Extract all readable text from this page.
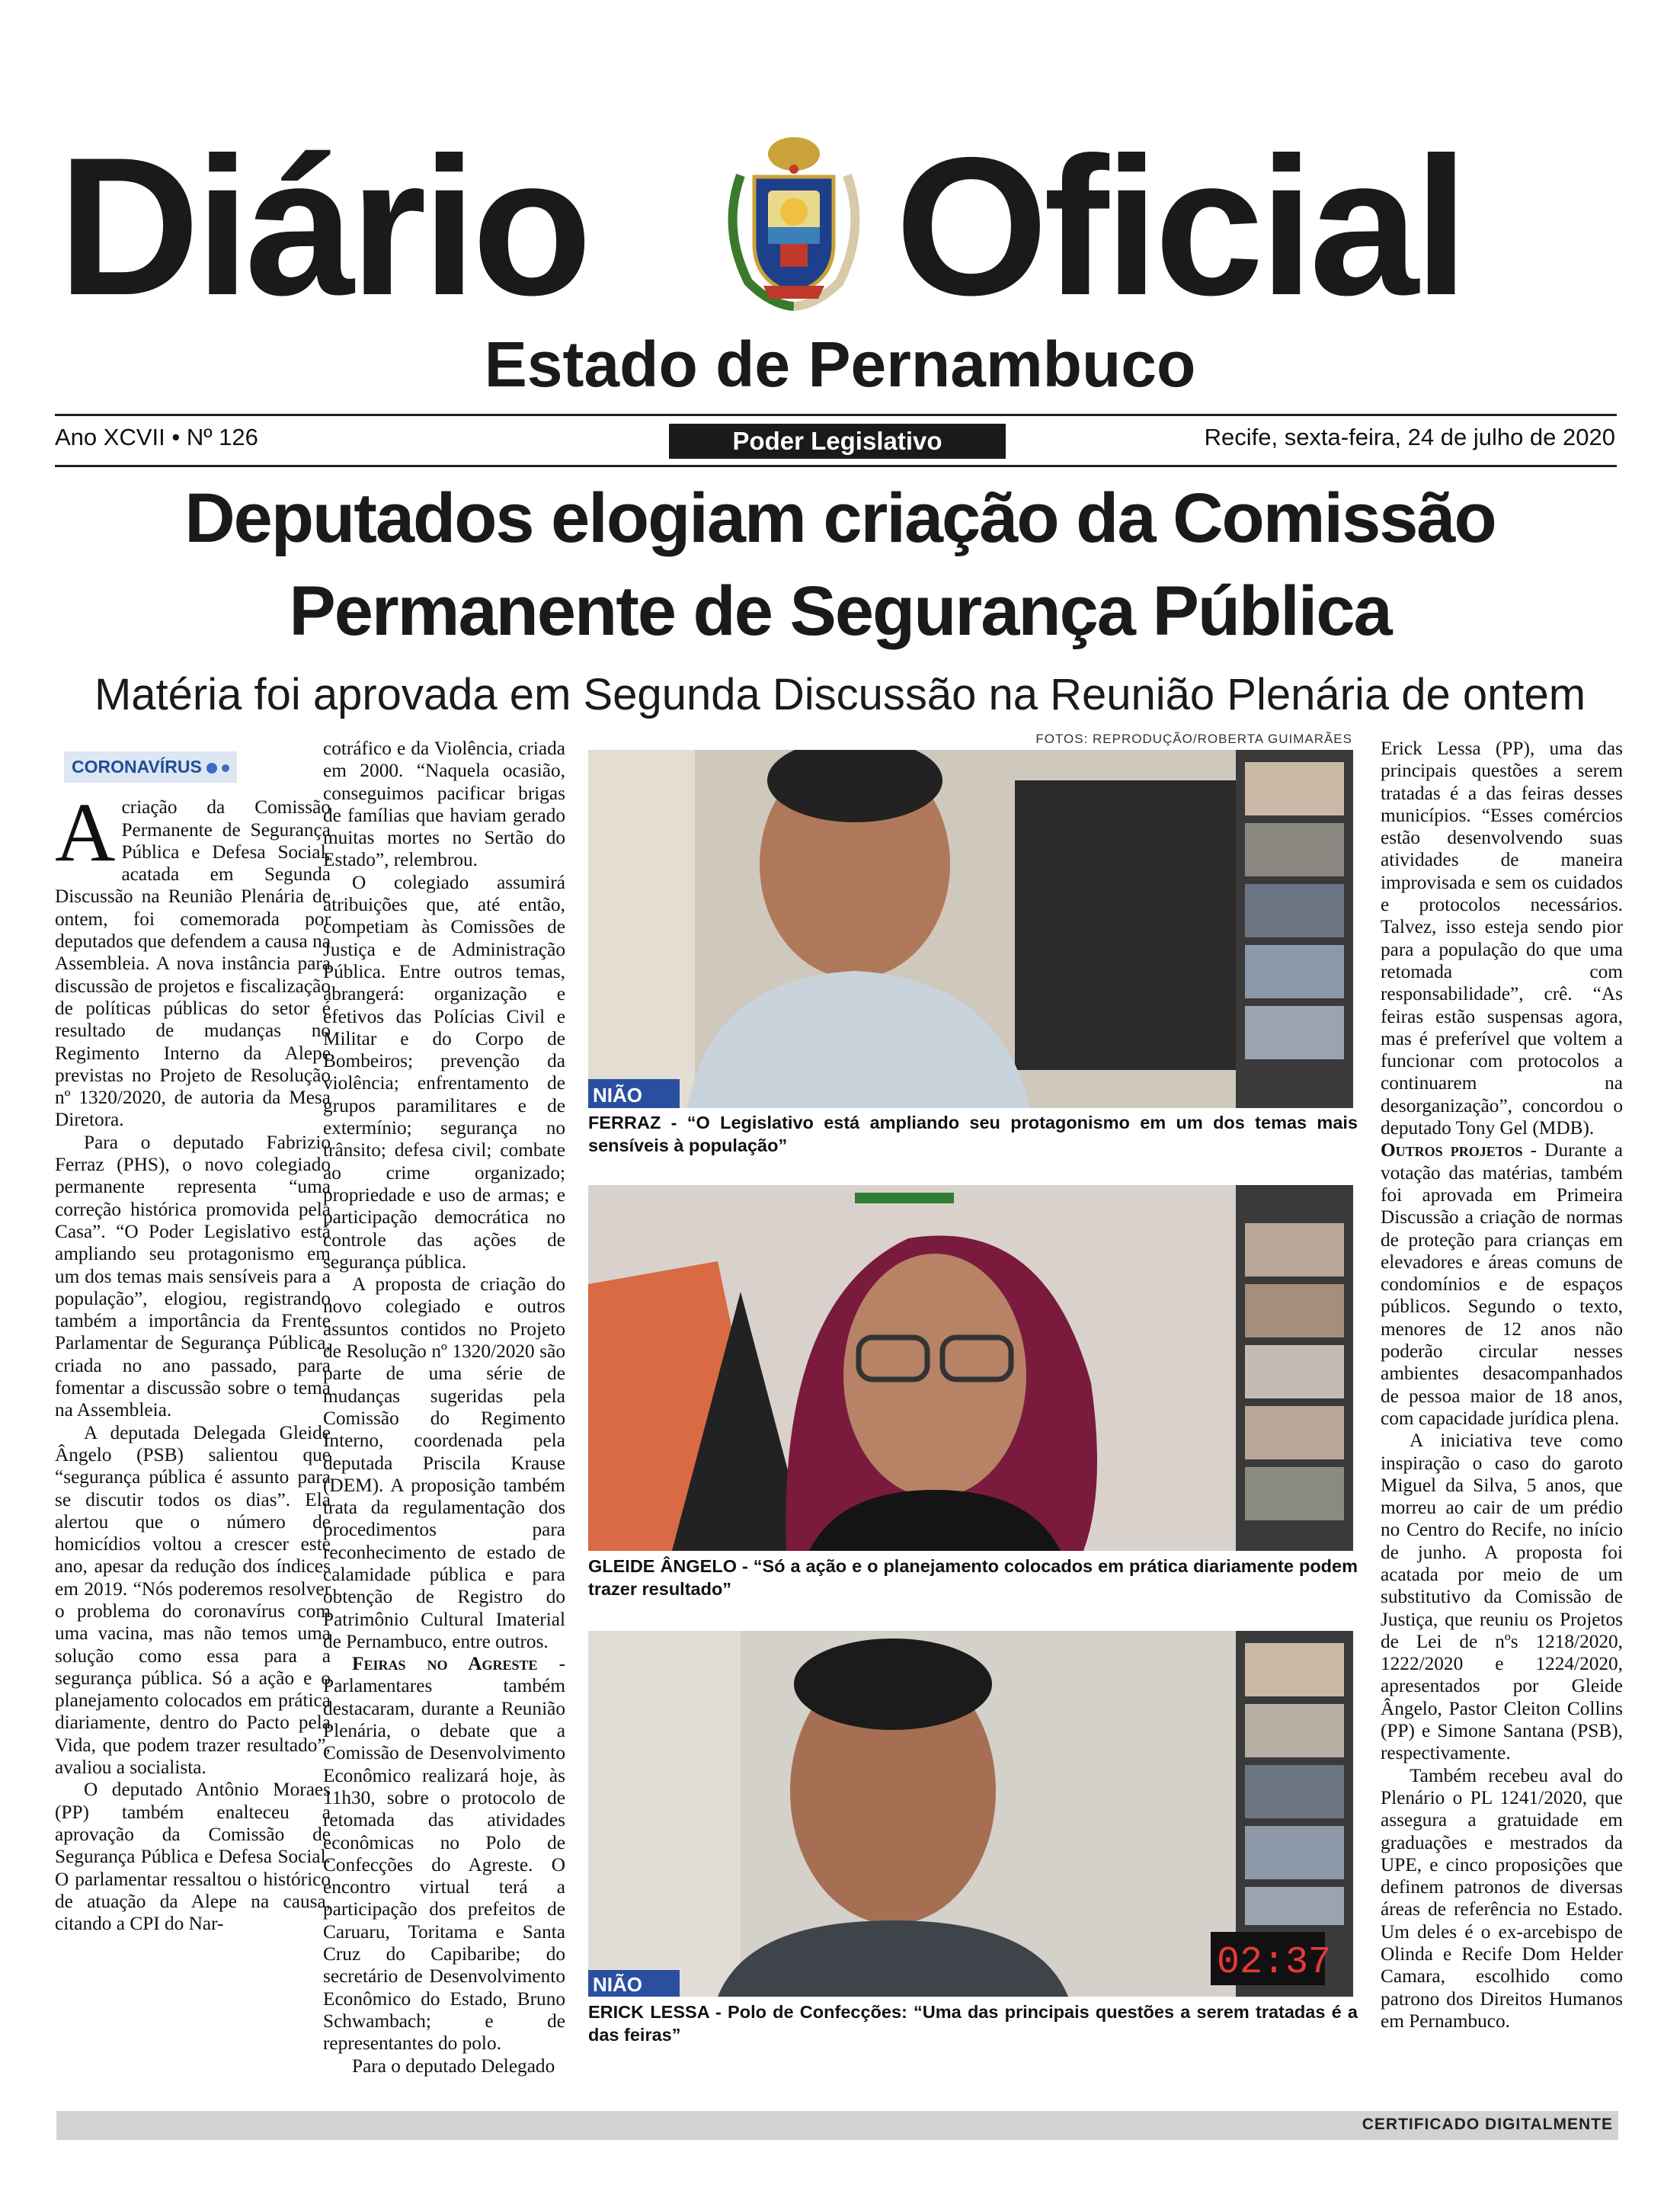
Diário Oficial
Estado de Pernambuco
Ano XCVII • Nº 126	Poder Legislativo	Recife, sexta-feira, 24 de julho de 2020
Deputados elogiam criação da Comissão
Permanente de Segurança Pública
Matéria foi aprovada em Segunda Discussão na Reunião Plenária de ontem
FOTOS: REPRODUÇÃO/ROBERTA GUIMARÃES
CORONAVÍRUS

Acriação da Comissão Permanente de Segurança Pública e Defesa Social, acatada em Segunda Discussão na Reunião Plenária de ontem, foi comemorada por deputados que defendem a causa na Assembleia. A nova instância para discussão de projetos e fiscalização de políticas públicas do setor é resultado de mudanças no Regimento Interno da Alepe previstas no Projeto de Resolução nº 1320/2020, de autoria da Mesa Diretora.

Para o deputado Fabrizio Ferraz (PHS), o novo colegiado permanente representa “uma correção histórica promovida pela Casa”. “O Poder Legislativo está ampliando seu protagonismo em um dos temas mais sensíveis para a população”, elogiou, registrando também a importância da Frente Parlamentar de Segurança Pública, criada no ano passado, para fomentar a discussão sobre o tema na Assembleia.

A deputada Delegada Gleide Ângelo (PSB) salientou que “segurança pública é assunto para se discutir todos os dias”. Ela alertou que o número de homicídios voltou a crescer este ano, apesar da redução dos índices em 2019. “Nós poderemos resolver o problema do coronavírus com uma vacina, mas não temos uma solução como essa para a segurança pública. Só a ação e o planejamento colocados em prática diariamente, dentro do Pacto pela Vida, que podem trazer resultado”, avaliou a socialista.

O deputado Antônio Moraes (PP) também enalteceu a aprovação da Comissão de Segurança Pública e Defesa Social. O parlamentar ressaltou o histórico de atuação da Alepe na causa, citando a CPI do Nar-

cotráfico e da Violência, criada em 2000. “Naquela ocasião, conseguimos pacificar brigas de famílias que haviam gerado muitas mortes no Sertão do Estado”, relembrou.

O colegiado assumirá atribuições que, até então, competiam às Comissões de Justiça e de Administração Pública. Entre outros temas, abrangerá: organização e efetivos das Polícias Civil e Militar e do Corpo de Bombeiros; prevenção da violência; enfrentamento de grupos paramilitares e de extermínio; segurança no trânsito; defesa civil; combate ao crime organizado; propriedade e uso de armas; e participação democrática no controle das ações de segurança pública.

A proposta de criação do novo colegiado e outros assuntos contidos no Projeto de Resolução nº 1320/2020 são parte de uma série de mudanças sugeridas pela Comissão do Regimento Interno, coordenada pela deputada Priscila Krause (DEM). A proposição também trata da regulamentação dos procedimentos para reconhecimento de estado de calamidade pública e para obtenção de Registro do Patrimônio Cultural Imaterial de Pernambuco, entre outros.

Feiras no Agreste - Parlamentares também destacaram, durante a Reunião Plenária, o debate que a Comissão de Desenvolvimento Econômico realizará hoje, às 11h30, sobre o protocolo de retomada das atividades econômicas no Polo de Confecções do Agreste. O encontro virtual terá a participação dos prefeitos de Caruaru, Toritama e Santa Cruz do Capibaribe; do secretário de Desenvolvimento Econômico do Estado, Bruno Schwambach; e de representantes do polo.

Para o deputado Delegado

NIÃO
FERRAZ - “O Legislativo está ampliando seu protagonismo em um dos temas mais sensíveis à população”
GLEIDE ÂNGELO - “Só a ação e o planejamento colocados em prática diariamente podem trazer resultado”
NIÃO	02:37
ERICK LESSA - Polo de Confecções: “Uma das principais questões a serem tratadas é a das feiras”

Erick Lessa (PP), uma das principais questões a serem tratadas é a das feiras desses municípios. “Esses comércios estão desenvolvendo suas atividades de maneira improvisada e sem os cuidados e protocolos necessários. Talvez, isso esteja sendo pior para a população do que uma retomada com responsabilidade”, crê. “As feiras estão suspensas agora, mas é preferível que voltem a funcionar com protocolos a continuarem na desorganização”, concordou o deputado Tony Gel (MDB).

Outros projetos - Durante a votação das matérias, também foi aprovada em Primeira Discussão a criação de normas de proteção para crianças em elevadores e áreas comuns de condomínios e de espaços públicos. Segundo o texto, menores de 12 anos não poderão circular nesses ambientes desacompanhados de pessoa maior de 18 anos, com capacidade jurídica plena.

A iniciativa teve como inspiração o caso do garoto Miguel da Silva, 5 anos, que morreu ao cair de um prédio no Centro do Recife, no início de junho. A proposta foi acatada por meio de um substitutivo da Comissão de Justiça, que reuniu os Projetos de Lei de nºs 1218/2020, 1222/2020 e 1224/2020, apresentados por Gleide Ângelo, Pastor Cleiton Collins (PP) e Simone Santana (PSB), respectivamente.

Também recebeu aval do Plenário o PL 1241/2020, que assegura a gratuidade em graduações e mestrados da UPE, e cinco proposições que definem patronos de diversas áreas de referência no Estado. Um deles é o ex-arcebispo de Olinda e Recife Dom Helder Camara, escolhido como patrono dos Direitos Humanos em Pernambuco.

CERTIFICADO DIGITALMENTE
